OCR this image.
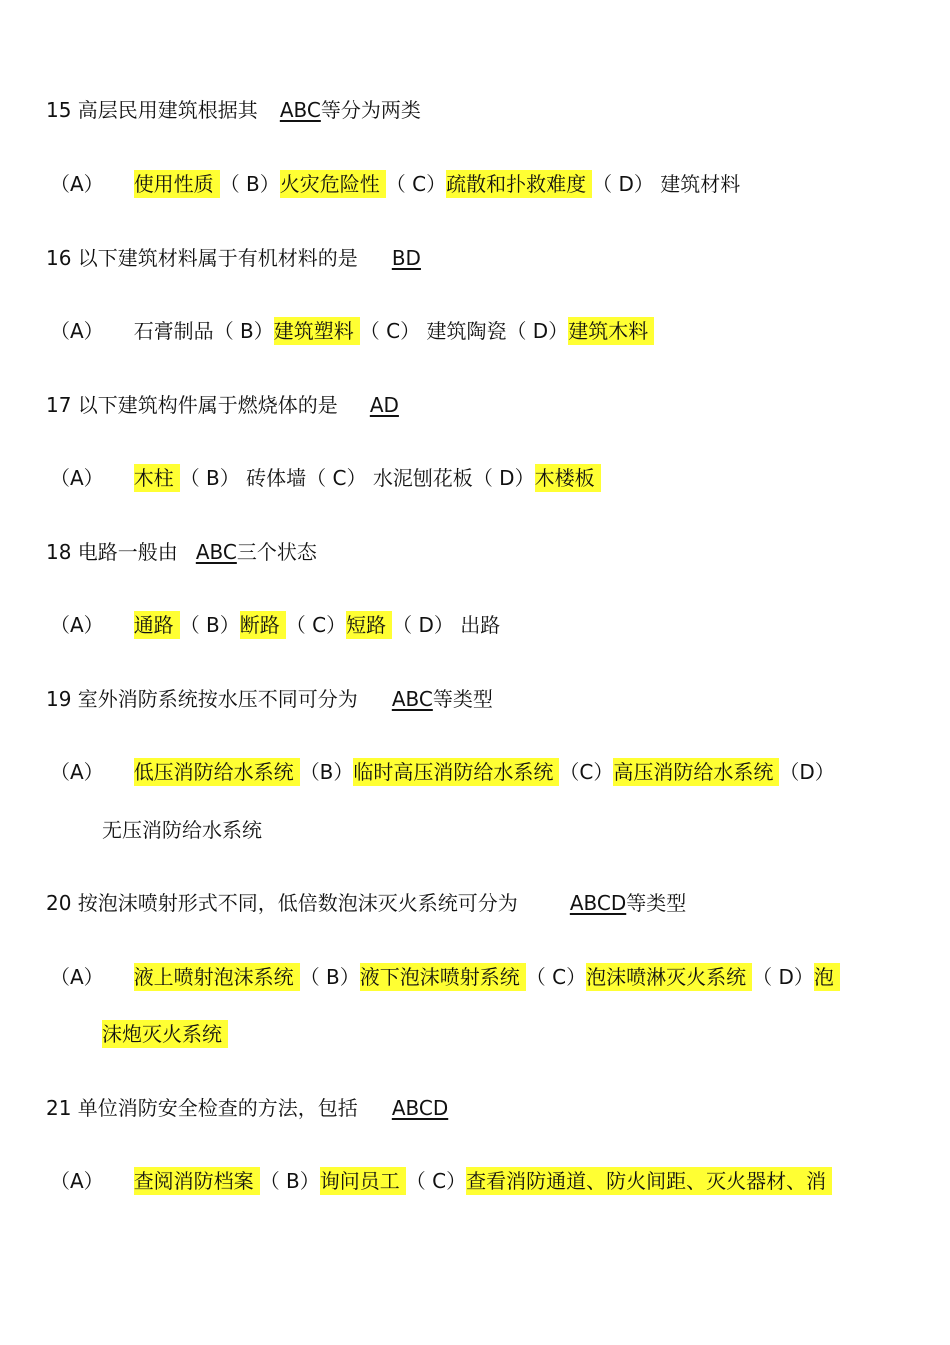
15 高层民用建筑根据其 ABC等分为两类
（A） 使用性质 （ B）火灾危险性 （ C）疏散和扑救难度 （ D） 建筑材料
16 以下建筑材料属于有机材料的是 BD
（A） 石膏制品（ B）建筑塑料 （ C） 建筑陶瓷（ D）建筑木料
17 以下建筑构件属于燃烧体的是 AD
（A） 木柱 （ B） 砖体墙（ C） 水泥刨花板（ D）木楼板
18 电路一般由 ABC三个状态
（A） 通路 （ B）断路 （ C）短路 （ D） 出路
19 室外消防系统按水压不同可分为 ABC等类型
（A） 低压消防给水系统 （B）临时高压消防给水系统 （C）高压消防给水系统 （D）
无压消防给水系统
20 按泡沫喷射形式不同，低倍数泡沫灭火系统可分为	ABCD等类型
（A） 液上喷射泡沫系统 （ B）液下泡沫喷射系统 （ C）泡沫喷淋灭火系统 （ D）泡
沫炮灭火系统
21 单位消防安全检查的方法，包括 ABCD
（A） 查阅消防档案 （ B）询问员工 （ C）查看消防通道、防火间距、灭火器材、消
